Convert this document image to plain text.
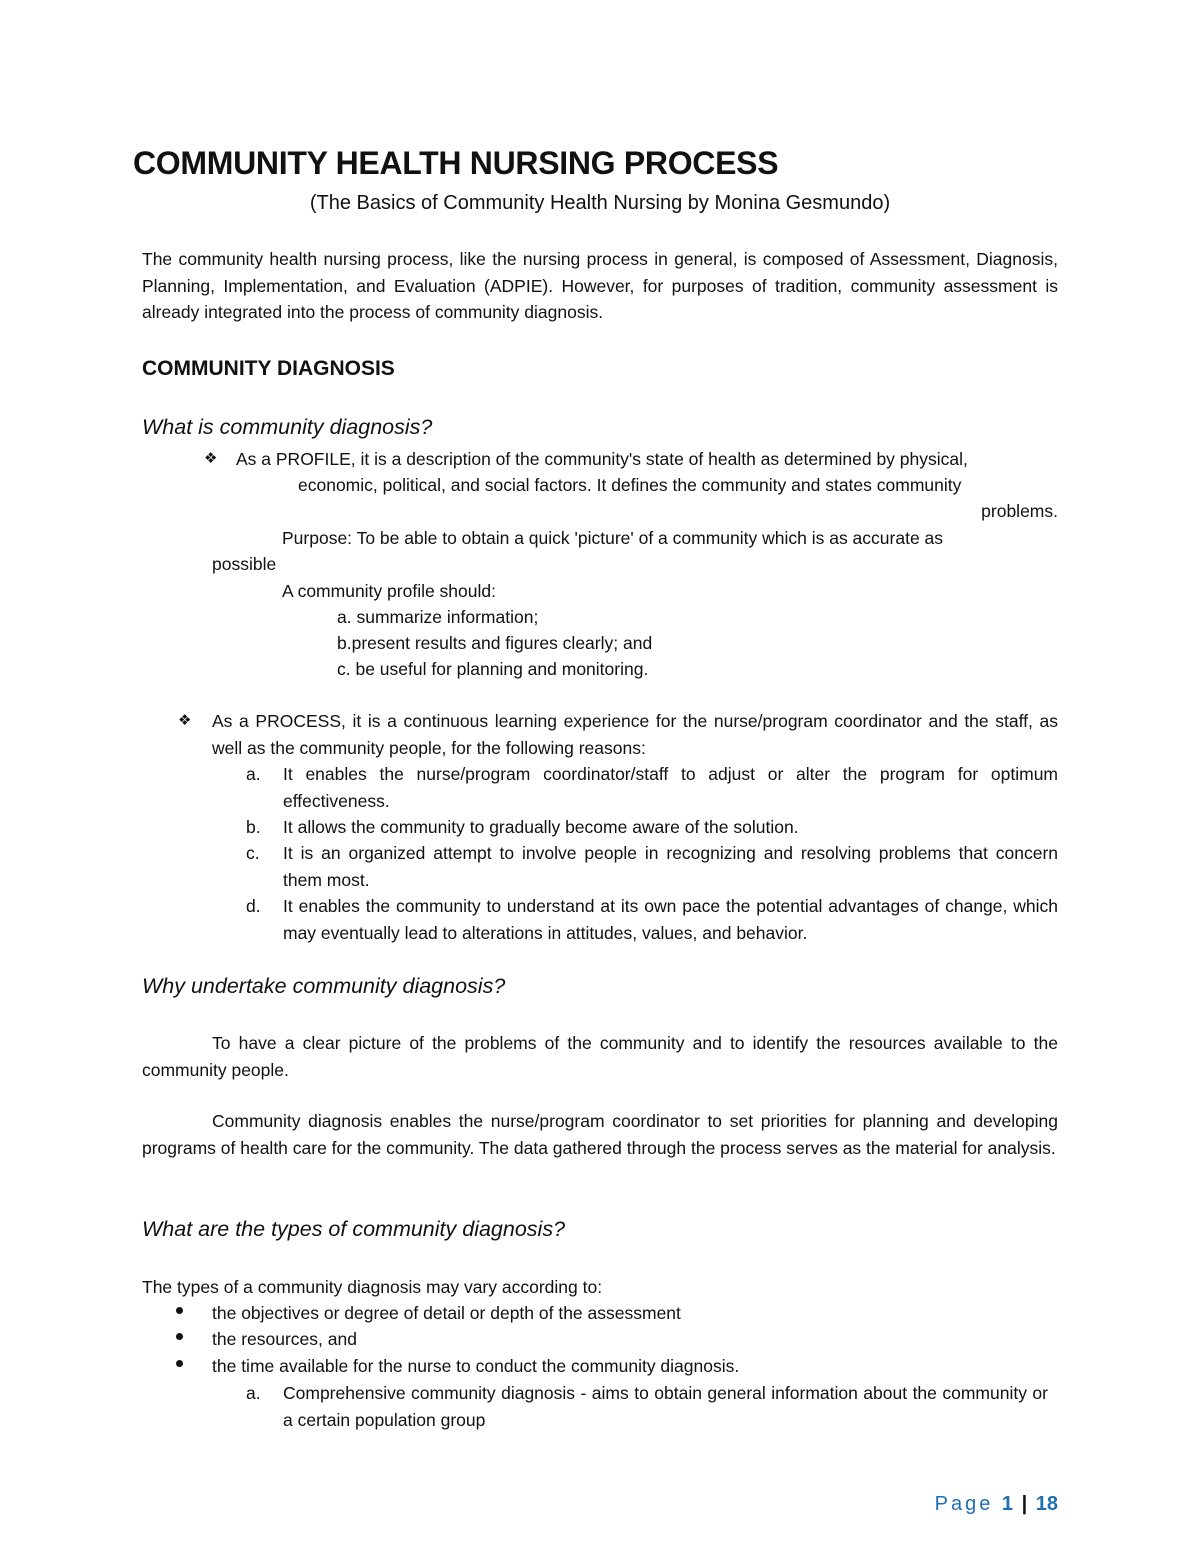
COMMUNITY HEALTH NURSING PROCESS
(The Basics of Community Health Nursing by Monina Gesmundo)
The community health nursing process, like the nursing process in general, is composed of Assessment, Diagnosis, Planning, Implementation, and Evaluation (ADPIE). However, for purposes of tradition, community assessment is already integrated into the process of community diagnosis.
COMMUNITY DIAGNOSIS
What is community diagnosis?
❖ As a PROFILE, it is a description of the community's state of health as determined by physical,
economic, political, and social factors. It defines the community and states community
problems.
Purpose: To be able to obtain a quick 'picture' of a community which is as accurate as
possible
A community profile should:
a. summarize information;
b.present results and figures clearly; and
c. be useful for planning and monitoring.
❖ As a PROCESS, it is a continuous learning experience for the nurse/program coordinator and the staff, as well as the community people, for the following reasons:
a. It enables the nurse/program coordinator/staff to adjust or alter the program for optimum effectiveness.
b. It allows the community to gradually become aware of the solution.
c. It is an organized attempt to involve people in recognizing and resolving problems that concern them most.
d. It enables the community to understand at its own pace the potential advantages of change, which may eventually lead to alterations in attitudes, values, and behavior.
Why undertake community diagnosis?
To have a clear picture of the problems of the community and to identify the resources available to the community people.
Community diagnosis enables the nurse/program coordinator to set priorities for planning and developing programs of health care for the community. The data gathered through the process serves as the material for analysis.
What are the types of community diagnosis?
The types of a community diagnosis may vary according to:
the objectives or degree of detail or depth of the assessment
the resources, and
the time available for the nurse to conduct the community diagnosis.
a. Comprehensive community diagnosis - aims to obtain general information about the community or a certain population group
Page 1 | 18
